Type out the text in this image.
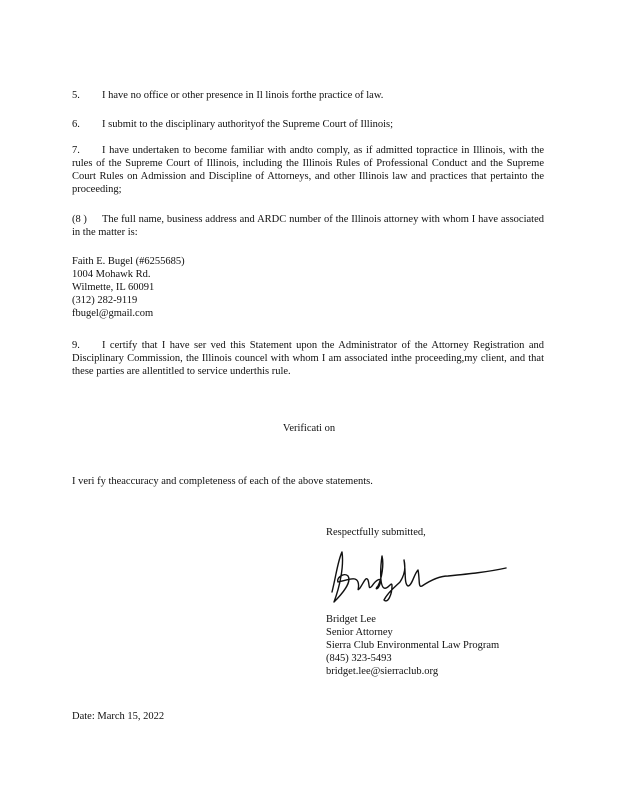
5. I have no office or other presence in Il linois forthe practice of law.
6. I submit to the disciplinary authorityof the Supreme Court of Illinois;
7. I have undertaken to become familiar with andto comply, as if admitted topractice in Illinois, with the rules of the Supreme Court of Illinois, including the Illinois Rules of Professional Conduct and the Supreme Court Rules on Admission and Discipline of Attorneys, and other Illinois law and practices that pertainto the proceeding;
(8 ) The full name, business address and ARDC number of the Illinois attorney with whom I have associated in the matter is:
Faith E. Bugel (#6255685)
1004 Mohawk Rd.
Wilmette, IL 60091
(312) 282-9119
fbugel@gmail.com
9. I certify that I have ser ved this Statement upon the Administrator of the Attorney Registration and Disciplinary Commission, the Illinois councel with whom I am associated inthe proceeding,my client, and that these parties are allentitled to service underthis rule.
Verificati on
I veri fy theaccuracy and completeness of each of the above statements.
Respectfully submitted,
Bridget Lee
Senior Attorney
Sierra Club Environmental Law Program
(845) 323-5493
bridget.lee@sierraclub.org
Date: March 15, 2022
